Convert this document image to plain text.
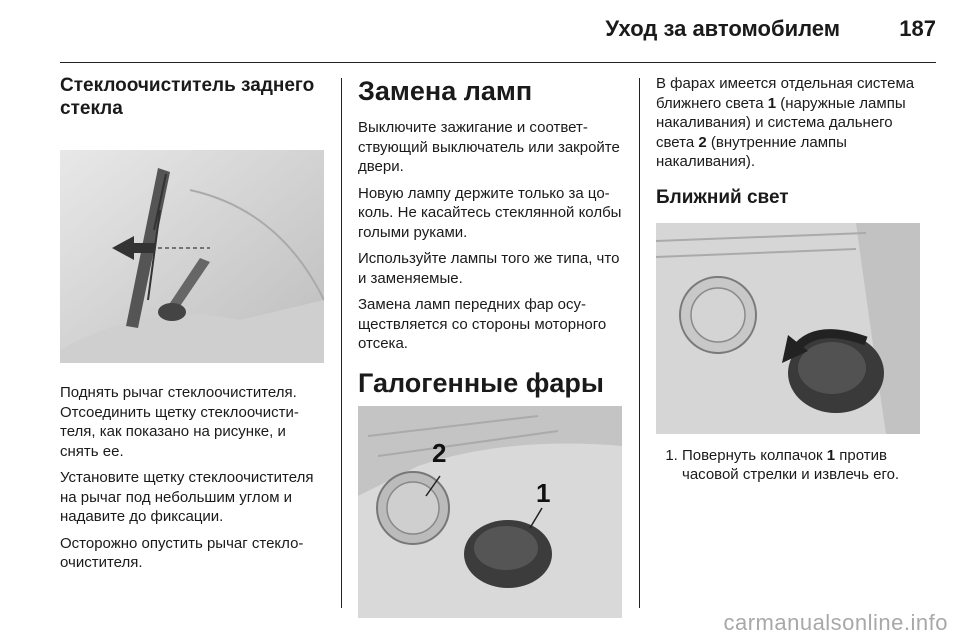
Уход за автомобилем	187
Стеклоочиститель заднего стекла

Поднять рычаг стеклоочистителя. Отсоединить щетку стеклоочистителя, как показано на рисунке, и снять ее.

Установите щетку стеклоочистителя на рычаг под небольшим углом и надавите до фиксации.

Осторожно опустить рычаг стеклоочистителя.

Замена ламп

Выключите зажигание и соответствующий выключатель или закройте двери.

Новую лампу держите только за цоколь. Не касайтесь стеклянной колбы голыми руками.

Используйте лампы того же типа, что и заменяемые.

Замена ламп передних фар осуществляется со стороны моторного отсека.

Галогенные фары
2
1

В фарах имеется отдельная система ближнего света 1 (наружные лампы накаливания) и система дальнего света 2 (внутренние лампы накаливания).

Ближний свет
1. Повернуть колпачок 1 против часовой стрелки и извлечь его.
carmanualsonline.info
